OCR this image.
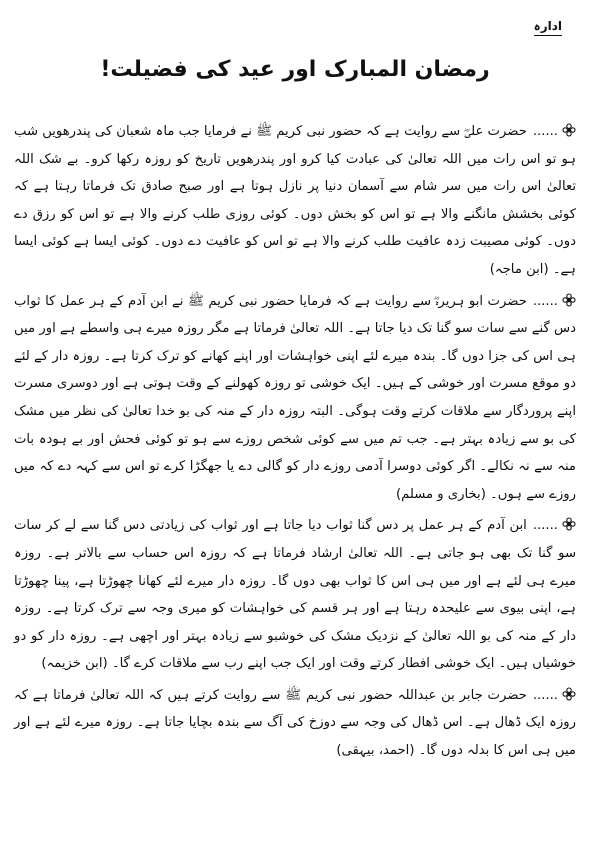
ادارہ
رمضان المبارک اور عید کی فضیلت!

......حضرت علیؓ سے روایت ہے کہ حضور نبی کریم ﷺ نے فرمایا جب ماہ شعبان کی پندرھویں شب ہو تو اس رات میں اللہ تعالیٰ کی عبادت کیا کرو اور پندرھویں تاریخ کو روزہ رکھا کرو۔ بے شک اللہ تعالیٰ اس رات میں سر شام سے آسمان دنیا پر نازل ہوتا ہے اور صبح صادق تک فرماتا رہتا ہے کہ کوئی بخشش مانگنے والا ہے تو اس کو بخش دوں۔ کوئی روزی طلب کرنے والا ہے تو اس کو رزق دے دوں۔ کوئی مصیبت زدہ عافیت طلب کرنے والا ہے تو اس کو عافیت دے دوں۔ کوئی ایسا ہے کوئی ایسا ہے۔ (ابن ماجہ)

......حضرت ابو ہریرہؓ سے روایت ہے کہ فرمایا حضور نبی کریم ﷺ نے ابن آدم کے ہر عمل کا ثواب دس گنے سے سات سو گنا تک دیا جاتا ہے۔ اللہ تعالیٰ فرماتا ہے مگر روزہ میرے ہی واسطے ہے اور میں ہی اس کی جزا دوں گا۔ بندہ میرے لئے اپنی خواہشات اور اپنے کھانے کو ترک کرتا ہے۔ روزہ دار کے لئے دو موقع مسرت اور خوشی کے ہیں۔ ایک خوشی تو روزہ کھولنے کے وقت ہوتی ہے اور دوسری مسرت اپنے پروردگار سے ملاقات کرتے وقت ہوگی۔ البتہ روزہ دار کے منہ کی بو خدا تعالیٰ کی نظر میں مشک کی بو سے زیادہ بہتر ہے۔ جب تم میں سے کوئی شخص روزے سے ہو تو کوئی فحش اور بے ہودہ بات منہ سے نہ نکالے۔ اگر کوئی دوسرا آدمی روزے دار کو گالی دے یا جھگڑا کرے تو اس سے کہہ دے کہ میں روزے سے ہوں۔ (بخاری و مسلم)

......ابن آدم کے ہر عمل پر دس گنا ثواب دیا جاتا ہے اور ثواب کی زیادتی دس گنا سے لے کر سات سو گنا تک بھی ہو جاتی ہے۔ اللہ تعالیٰ ارشاد فرماتا ہے کہ روزہ اس حساب سے بالاتر ہے۔ روزہ میرے ہی لئے ہے اور میں ہی اس کا ثواب بھی دوں گا۔ روزہ دار میرے لئے کھانا چھوڑتا ہے، پینا چھوڑتا ہے، اپنی بیوی سے علیحدہ رہتا ہے اور ہر قسم کی خواہشات کو میری وجہ سے ترک کرتا ہے۔ روزہ دار کے منہ کی بو اللہ تعالیٰ کے نزدیک مشک کی خوشبو سے زیادہ بہتر اور اچھی ہے۔ روزہ دار کو دو خوشیاں ہیں۔ ایک خوشی افطار کرتے وقت اور ایک جب اپنے رب سے ملاقات کرے گا۔ (ابن خزیمہ)

......حضرت جابر بن عبداللہ حضور نبی کریم ﷺ سے روایت کرتے ہیں کہ اللہ تعالیٰ فرماتا ہے کہ روزہ ایک ڈھال ہے۔ اس ڈھال کی وجہ سے دوزخ کی آگ سے بندہ بچایا جاتا ہے۔ روزہ میرے لئے ہے اور میں ہی اس کا بدلہ دوں گا۔ (احمد، بیہقی)
